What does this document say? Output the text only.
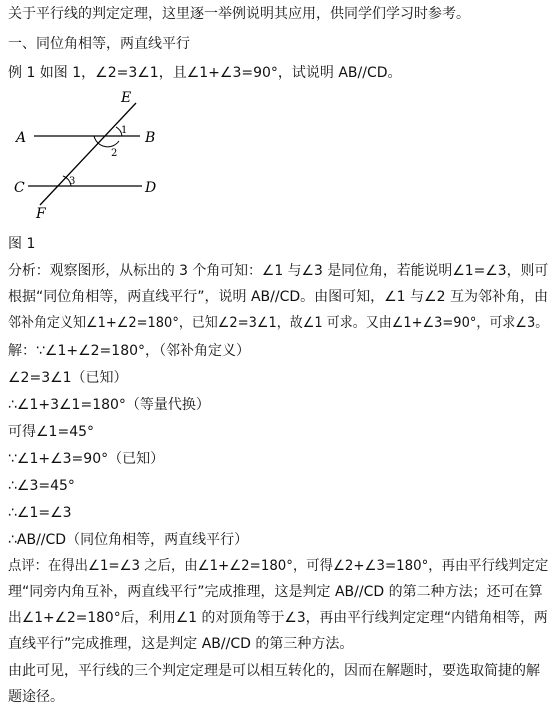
关于平行线的判定定理，这里逐一举例说明其应用，供同学们学习时参考。
一、同位角相等，两直线平行
例 1 如图 1，∠2=3∠1，且∠1+∠3=90°，试说明 AB//CD。
E
A	B
C	D
F
1
2
3
图 1
分析：观察图形，从标出的 3 个角可知：∠1 与∠3 是同位角，若能说明∠1=∠3，则可
根据“同位角相等，两直线平行”，说明 AB//CD。由图可知，∠1 与∠2 互为邻补角，由
邻补角定义知∠1+∠2=180°，已知∠2=3∠1，故∠1 可求。又由∠1+∠3=90°，可求∠3。
解：∵∠1+∠2=180°，（邻补角定义）
∠2=3∠1（已知）
∴∠1+3∠1=180°（等量代换）
可得∠1=45°
∵∠1+∠3=90°（已知）
∴∠3=45°
∴∠1=∠3
∴AB//CD（同位角相等，两直线平行）
点评：在得出∠1=∠3 之后，由∠1+∠2=180°，可得∠2+∠3=180°，再由平行线判定定
理“同旁内角互补，两直线平行”完成推理，这是判定 AB//CD 的第二种方法；还可在算
出∠1+∠2=180°后，利用∠1 的对顶角等于∠3，再由平行线判定定理“内错角相等，两
直线平行”完成推理，这是判定 AB//CD 的第三种方法。
由此可见，平行线的三个判定定理是可以相互转化的，因而在解题时，要选取简捷的解
题途径。
